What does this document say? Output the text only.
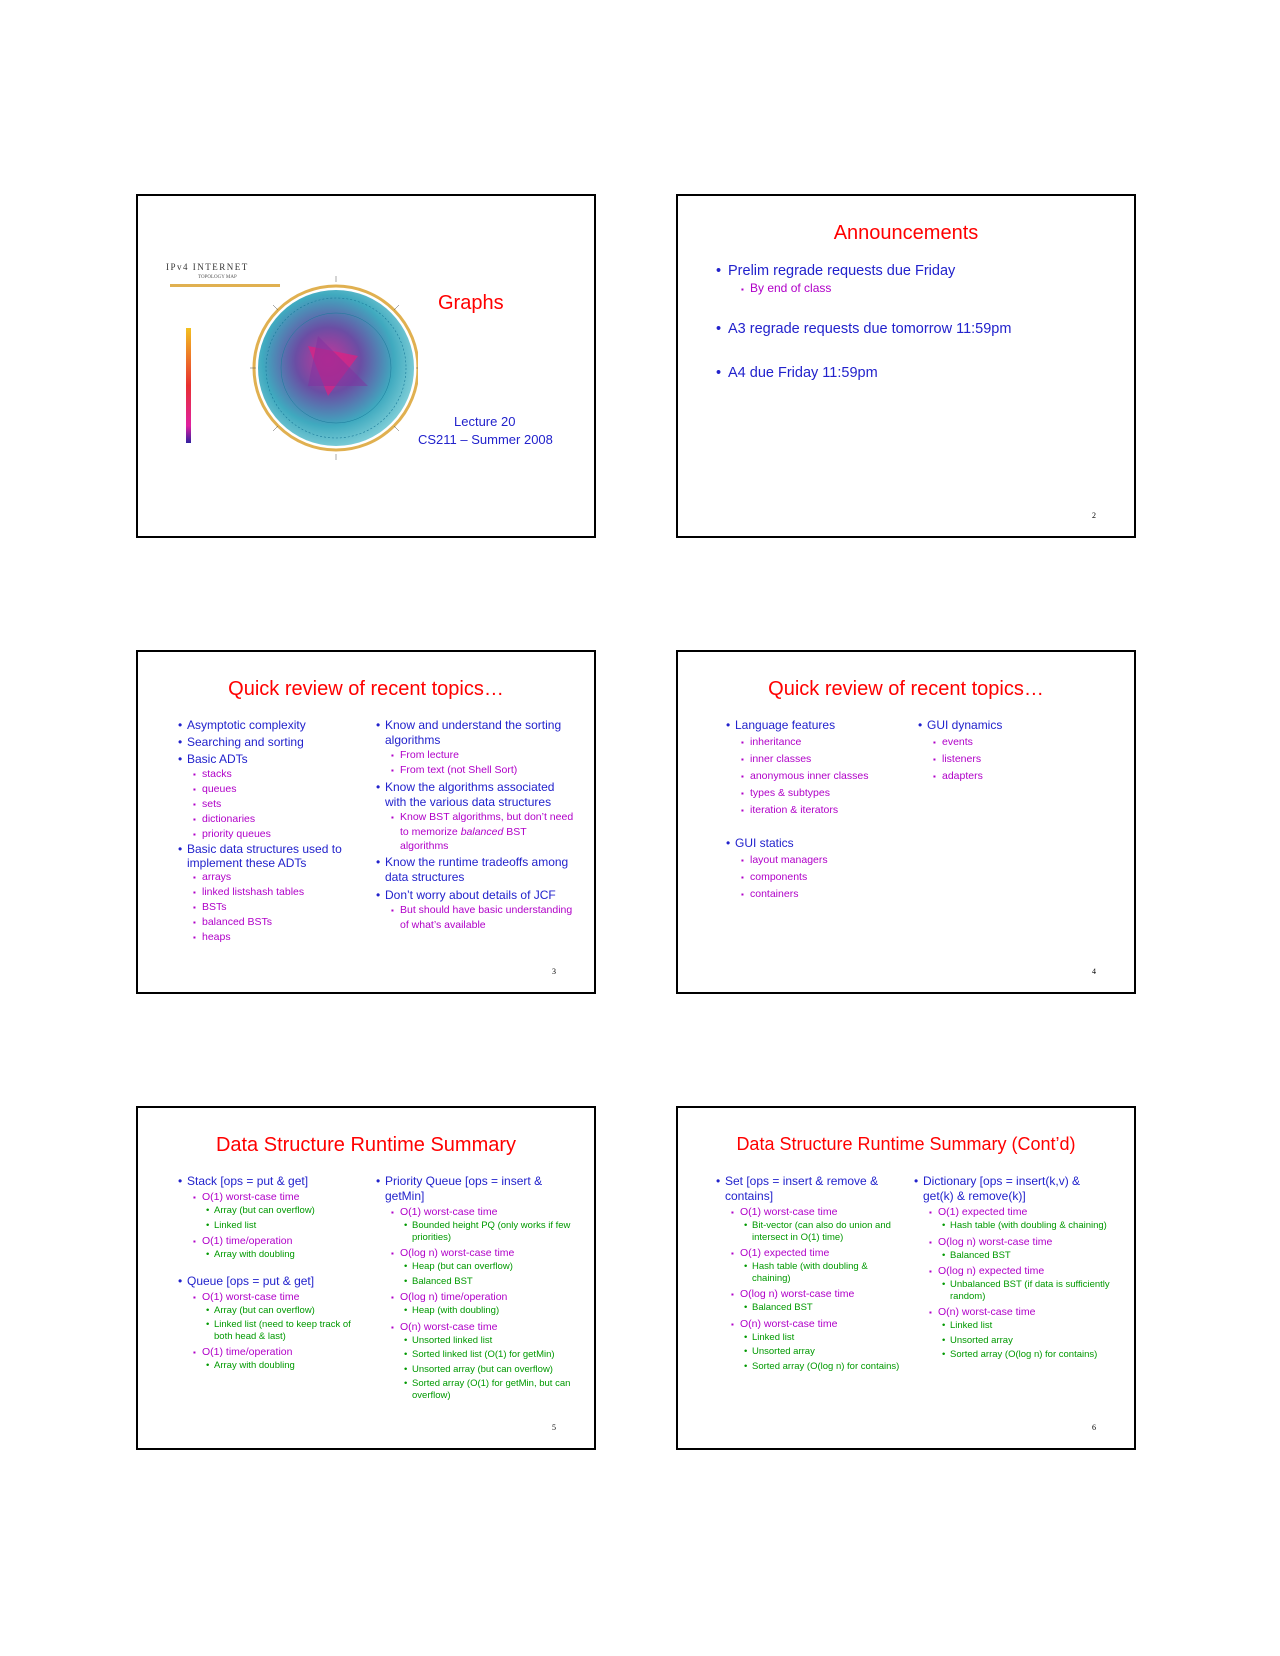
IPv4 INTERNET
TOPOLOGY MAP
Graphs
Lecture 20
CS211 – Summer 2008
Announcements
• Prelim regrade requests due Friday
▪ By end of class
• A3 regrade requests due tomorrow 11:59pm
• A4 due Friday 11:59pm
2
Quick review of recent topics…
• Asymptotic complexity
• Searching and sorting
• Basic ADTs
▪ stacks
▪ queues
▪ sets
▪ dictionaries
▪ priority queues
• Basic data structures used to implement these ADTs
▪ arrays
▪ linked listshash tables
▪ BSTs
▪ balanced BSTs
▪ heaps
• Know and understand the sorting algorithms
▪ From lecture
▪ From text (not Shell Sort)
• Know the algorithms associated with the various data structures
▪ Know BST algorithms, but don’t need to memorize balanced BST algorithms
• Know the runtime tradeoffs among data structures
• Don’t worry about details of JCF
▪ But should have basic understanding of what’s available
3
Quick review of recent topics…
• Language features
▪ inheritance
▪ inner classes
▪ anonymous inner classes
▪ types & subtypes
▪ iteration & iterators
• GUI statics
▪ layout managers
▪ components
▪ containers
• GUI dynamics
▪ events
▪ listeners
▪ adapters
4
Data Structure Runtime Summary
• Stack [ops = put & get]
▪ O(1) worst-case time
• Array (but can overflow)
• Linked list
▪ O(1) time/operation
• Array with doubling
• Queue [ops = put & get]
▪ O(1) worst-case time
• Array (but can overflow)
• Linked list (need to keep track of both head & last)
▪ O(1) time/operation
• Array with doubling
• Priority Queue [ops = insert & getMin]
▪ O(1) worst-case time
• Bounded height PQ (only works if few priorities)
▪ O(log n) worst-case time
• Heap (but can overflow)
• Balanced BST
▪ O(log n) time/operation
• Heap (with doubling)
▪ O(n) worst-case time
• Unsorted linked list
• Sorted linked list (O(1) for getMin)
• Unsorted array (but can overflow)
• Sorted array (O(1) for getMin, but can overflow)
5
Data Structure Runtime Summary (Cont’d)
• Set [ops = insert & remove & contains]
▪ O(1) worst-case time
• Bit-vector (can also do union and intersect in O(1) time)
▪ O(1) expected time
• Hash table (with doubling & chaining)
▪ O(log n) worst-case time
• Balanced BST
▪ O(n) worst-case time
• Linked list
• Unsorted array
• Sorted array (O(log n) for contains)
• Dictionary [ops = insert(k,v) & get(k) & remove(k)]
▪ O(1) expected time
• Hash table (with doubling & chaining)
▪ O(log n) worst-case time
• Balanced BST
▪ O(log n) expected time
• Unbalanced BST (if data is sufficiently random)
▪ O(n) worst-case time
• Linked list
• Unsorted array
• Sorted array (O(log n) for contains)
6
